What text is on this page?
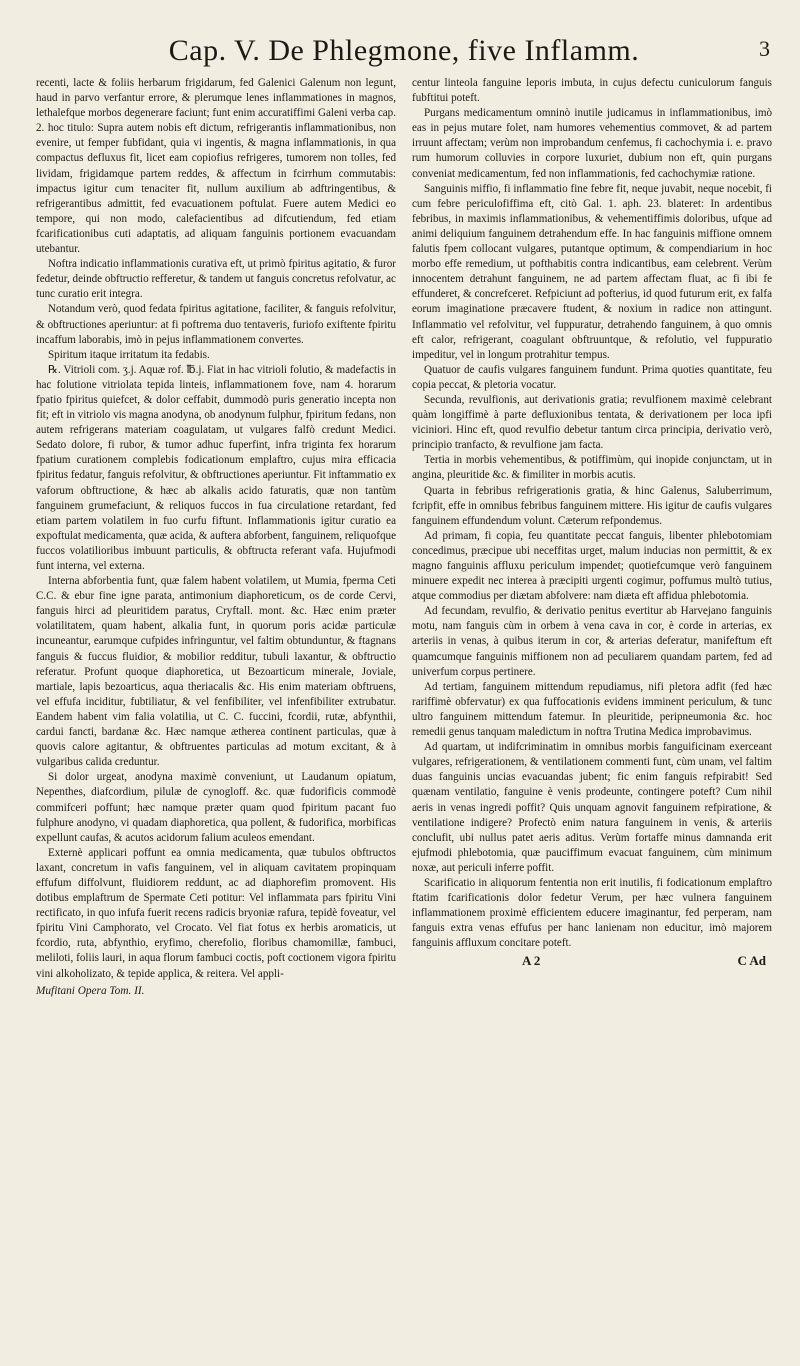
Cap. V. De Phlegmone, five Inflamm.	3

recenti, lacte & foliis herbarum frigidarum, fed Galenici Galenum non legunt, haud in parvo verfantur errore, & plerumque lenes inflammationes in magnos, lethalefque morbos degenerare faciunt; funt enim accuratiffimi Galeni verba cap. 2. hoc titulo: Supra autem nobis eft dictum, refrigerantis inflammationibus, non evenire, ut femper fubfidant, quia vi ingentis, & magna inflammationis, in qua compactus defluxus fit, licet eam copiofius refrigeres, tumorem non tolles, fed lividam, frigidamque partem reddes, & affectum in fcirrhum commutabis: impactus igitur cum tenaciter fit, nullum auxilium ab adftringentibus, & refrigerantibus admittit, fed evacuationem poftulat. Fuere autem Medici eo tempore, qui non modo, calefacientibus ad difcutiendum, fed etiam fcarificationibus cuti adaptatis, ad aliquam fanguinis portionem evacuandam utebantur.

Noftra indicatio inflammationis curativa eft, ut primò fpiritus agitatio, & furor fedetur, deinde obftructio refferetur, & tandem ut fanguis concretus refolvatur, ac tunc curatio erit integra.

Notandum verò, quod fedata fpiritus agitatione, faciliter, & fanguis refolvitur, & obftructiones aperiuntur: at fi poftrema duo tentaveris, furiofo exiftente fpiritu incaffum laborabis, imò in pejus inflammationem convertes.

Spiritum itaque irritatum ita fedabis.

℞. Vitrioli com. ʒ.j. Aquæ rof. ℔.j. Fiat in hac vitrioli folutio, & madefactis in hac folutione vitriolata tepida linteis, inflammationem fove, nam 4. horarum fpatio fpiritus quiefcet, & dolor ceffabit, dummodò puris generatio incepta non fit; eft in vitriolo vis magna anodyna, ob anodynum fulphur, fpiritum fedans, non autem refrigerans materiam coagulatam, ut vulgares falfò credunt Medici. Sedato dolore, fi rubor, & tumor adhuc fuperfint, infra triginta fex horarum fpatium curationem complebis fodicationum emplaftro, cujus mira efficacia fpiritus fedatur, fanguis refolvitur, & obftructiones aperiuntur. Fit inftammatio ex vaforum obftructione, & hæc ab alkalis acido faturatis, quæ non tantùm fanguinem grumefaciunt, & reliquos fuccos in fua circulatione retardant, fed etiam partem volatilem in fuo curfu fiftunt. Inflammationis igitur curatio ea expoftulat medicamenta, quæ acida, & auftera abforbent, fanguinem, reliquofque fuccos volatilioribus imbuunt particulis, & obftructa referant vafa. Hujufmodi funt interna, vel externa.

Interna abforbentia funt, quæ falem habent volatilem, ut Mumia, fperma Ceti C.C. & ebur fine igne parata, antimonium diaphoreticum, os de corde Cervi, fanguis hirci ad pleuritidem paratus, Cryftall. mont. &c. Hæc enim præter volatilitatem, quam habent, alkalia funt, in quorum poris acidæ particulæ incuneantur, earumque cufpides infringuntur, vel faltim obtunduntur, & ftagnans fanguis & fuccus fluidior, & mobilior redditur, tubuli laxantur, & obftructio referatur. Profunt quoque diaphoretica, ut Bezoarticum minerale, Joviale, martiale, lapis bezoarticus, aqua theriacalis &c. His enim materiam obftruens, vel effufa inciditur, fubtiliatur, & vel fenfibiliter, vel infenfibiliter extrubatur. Eandem habent vim falia volatilia, ut C. C. fuccini, fcordii, rutæ, abfynthii, cardui fancti, bardanæ &c. Hæc namque ætherea continent particulas, quæ à quovis calore agitantur, & obftruentes particulas ad motum excitant, & à vulgaribus calida creduntur.

Si dolor urgeat, anodyna maximè conveniunt, ut Laudanum opiatum, Nepenthes, diafcordium, pilulæ de cynogloff. &c. quæ fudorificis commodè commifceri poffunt; hæc namque præter quam quod fpiritum pacant fuo fulphure anodyno, vi quadam diaphoretica, qua pollent, & fudorifica, morbificas expellunt caufas, & acutos acidorum falium aculeos emendant.

Externè applicari poffunt ea omnia medicamenta, quæ tubulos obftructos laxant, concretum in vafis fanguinem, vel in aliquam cavitatem propinquam effufum diffolvunt, fluidiorem reddunt, ac ad diaphorefim promovent. His dotibus emplaftrum de Spermate Ceti potitur: Vel inflammata pars fpiritu Vini rectificato, in quo infufa fuerit recens radicis bryoniæ rafura, tepidè foveatur, vel fpiritu Vini Camphorato, vel Crocato. Vel fiat fotus ex herbis aromaticis, ut fcordio, ruta, abfynthio, eryfimo, cherefolio, floribus chamomillæ, fambuci, meliloti, foliis lauri, in aqua florum fambuci coctis, poft coctionem vigora fpiritu vini alkoholizato, & tepide applica, & reitera. Vel appli-

Mufitani Opera Tom. II.

centur linteola fanguine leporis imbuta, in cujus defectu cuniculorum fanguis fubftitui poteft.

Purgans medicamentum omninò inutile judicamus in inflammationibus, imò eas in pejus mutare folet, nam humores vehementius commovet, & ad partem irruunt affectam; verùm non improbandum cenfemus, fi cachochymia i. e. pravo rum humorum colluvies in corpore luxuriet, dubium non eft, quin purgans conveniat medicamentum, fed non inflammationis, fed cachochymiæ ratione.

Sanguinis miffio, fi inflammatio fine febre fit, neque juvabit, neque nocebit, fi cum febre periculofiffima eft, citò Gal. 1. aph. 23. blateret: In ardentibus febribus, in maximis inflammationibus, & vehementiffimis doloribus, ufque ad animi deliquium fanguinem detrahendum effe. In hac fanguinis miffione omnem falutis fpem collocant vulgares, putantque optimum, & compendiarium in hoc morbo effe remedium, ut pofthabitis contra indicantibus, eam celebrent. Verùm innocentem detrahunt fanguinem, ne ad partem affectam fluat, ac fi ibi fe effunderet, & concrefceret. Refpiciunt ad pofterius, id quod futurum erit, ex falfa eorum imaginatione præcavere ftudent, & noxium in radice non attingunt. Inflammatio vel refolvitur, vel fuppuratur, detrahendo fanguinem, à quo omnis eft calor, refrigerant, coagulant obftruuntque, & refolutio, vel fuppuratio impeditur, vel in longum protrahitur tempus.

Quatuor de caufis vulgares fanguinem fundunt. Prima quoties quantitate, feu copia peccat, & pletoria vocatur.

Secunda, revulfionis, aut derivationis gratia; revulfionem maximè celebrant quàm longiffimè à parte defluxionibus tentata, & derivationem per loca ipfi viciniori. Hinc eft, quod revulfio debetur tantum circa principia, derivatio verò, principio tranfacto, & revulfione jam facta.

Tertia in morbis vehementibus, & potiffimùm, qui inopide conjunctam, ut in angina, pleuritide &c. & fimiliter in morbis acutis.

Quarta in febribus refrigerationis gratia, & hinc Galenus, Saluberrimum, fcripfit, effe in omnibus febribus fanguinem mittere. His igitur de caufis vulgares fanguinem effundendum volunt. Cæterum refpondemus.

Ad primam, fi copia, feu quantitate peccat fanguis, libenter phlebotomiam concedimus, præcipue ubi neceffitas urget, malum inducias non permittit, & ex magno fanguinis affluxu periculum impendet; quotiefcumque verò fanguinem minuere expedit nec interea à præcipiti urgenti cogimur, poffumus multò tutius, atque commodius per diætam abfolvere: nam diæta eft affidua phlebotomia.

Ad fecundam, revulfio, & derivatio penitus evertitur ab Harvejano fanguinis motu, nam fanguis cùm in orbem à vena cava in cor, è corde in arterias, ex arteriis in venas, à quibus iterum in cor, & arterias deferatur, manifeftum eft quamcumque fanguinis miffionem non ad peculiarem quandam partem, fed ad univerfum corpus pertinere.

Ad tertiam, fanguinem mittendum repudiamus, nifi pletora adfit (fed hæc rariffimè obfervatur) ex qua fuffocationis evidens imminent periculum, & tunc ultro fanguinem mittendum fatemur. In pleuritide, peripneumonia &c. hoc remedii genus tanquam maledictum in noftra Trutina Medica improbavimus.

Ad quartam, ut indifcriminatim in omnibus morbis fanguificinam exerceant vulgares, refrigerationem, & ventilationem commenti funt, cùm unam, vel faltim duas fanguinis uncias evacuandas jubent; fic enim fanguis refpirabit! Sed quænam ventilatio, fanguine è venis prodeunte, contingere poteft? Cum nihil aeris in venas ingredi poffit? Quis unquam agnovit fanguinem refpiratione, & ventilatione indigere? Profectò enim natura fanguinem in venis, & arteriis conclufit, ubi nullus patet aeris aditus. Verùm fortaffe minus damnanda erit ejufmodi phlebotomia, quæ pauciffimum evacuat fanguinem, cùm minimum noxæ, aut periculi inferre poffit.

Scarificatio in aliquorum fententia non erit inutilis, fi fodicationum emplaftro ftatim fcarificationis dolor fedetur Verum, per hæc vulnera fanguinem inflammationem proximè efficientem educere imaginantur, fed perperam, nam fanguis extra venas effufus per hanc lanienam non educitur, imò majorem fanguinis affluxum concitare poteft.

A 2	C Ad
